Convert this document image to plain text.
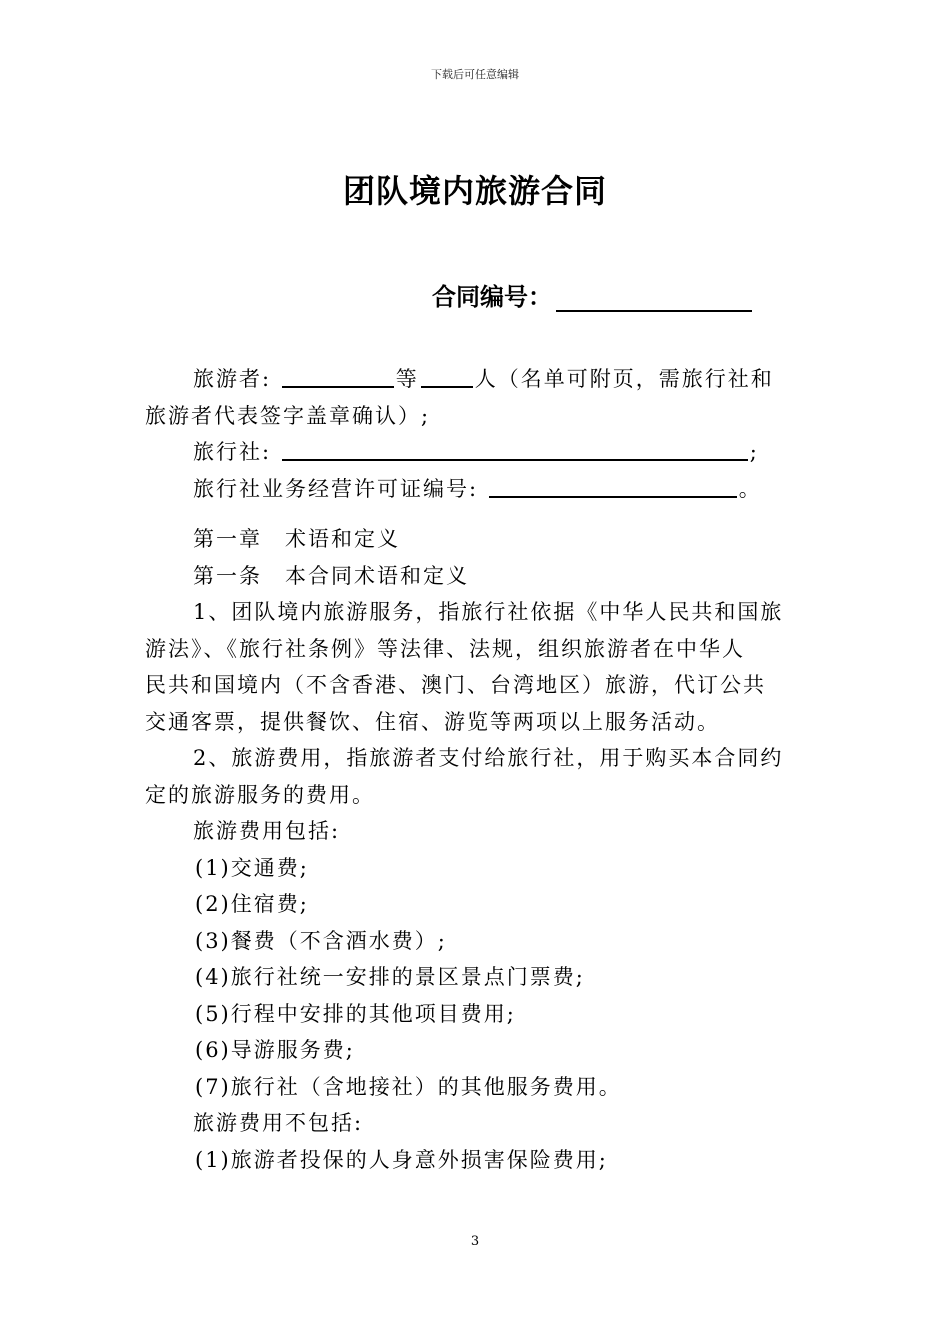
下载后可任意编辑
团队境内旅游合同
合同编号：
旅游者:	等	人（名单可附页，需旅行社和
旅游者代表签字盖章确认）;
旅行社:	;
旅行社业务经营许可证编号:	。
第一章　术语和定义
第一条　本合同术语和定义
1、团队境内旅游服务，指旅行社依据《中华人民共和国旅
游法》、《旅行社条例》等法律、法规，组织旅游者在中华人
民共和国境内（不含香港、澳门、台湾地区）旅游，代订公共
交通客票，提供餐饮、住宿、游览等两项以上服务活动。
2、旅游费用，指旅游者支付给旅行社，用于购买本合同约
定的旅游服务的费用。
旅游费用包括:
(1)交通费;
(2)住宿费;
(3)餐费（不含酒水费）;
(4)旅行社统一安排的景区景点门票费;
(5)行程中安排的其他项目费用;
(6)导游服务费;
(7)旅行社（含地接社）的其他服务费用。
旅游费用不包括:
(1)旅游者投保的人身意外损害保险费用;
3
